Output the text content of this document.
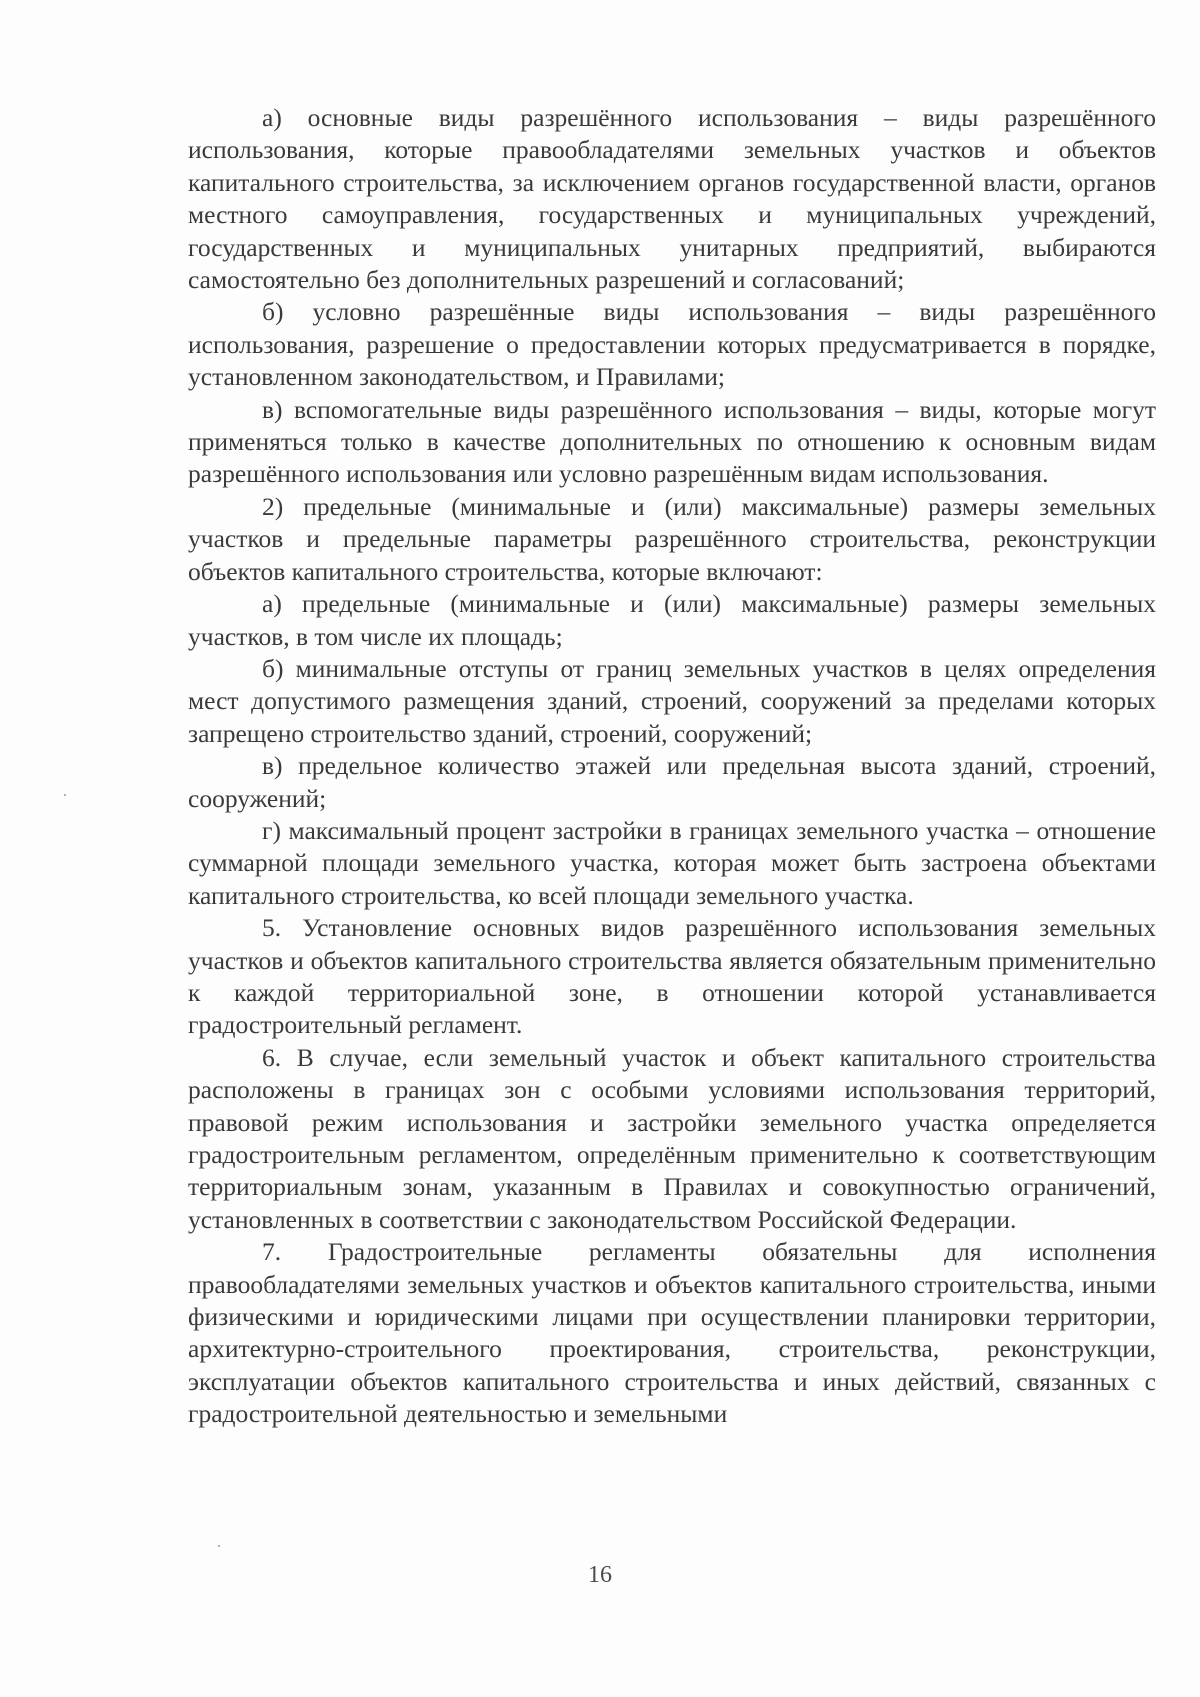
а) основные виды разрешённого использования – виды разрешённого использования, которые правообладателями земельных участков и объектов капитального строительства, за исключением органов государственной власти, органов местного самоуправления, государственных и муниципальных учреждений, государственных и муниципальных унитарных предприятий, выбираются самостоятельно без дополнительных разрешений и согласований;

б) условно разрешённые виды использования – виды разрешённого использования, разрешение о предоставлении которых предусматривается в порядке, установленном законодательством, и Правилами;

в) вспомогательные виды разрешённого использования – виды, которые могут применяться только в качестве дополнительных по отношению к основным видам разрешённого использования или условно разрешённым видам использования.

2) предельные (минимальные и (или) максимальные) размеры земельных участков и предельные параметры разрешённого строительства, реконструкции объектов капитального строительства, которые включают:

а) предельные (минимальные и (или) максимальные) размеры земельных участков, в том числе их площадь;

б) минимальные отступы от границ земельных участков в целях определения мест допустимого размещения зданий, строений, сооружений за пределами которых запрещено строительство зданий, строений, сооружений;

в) предельное количество этажей или предельная высота зданий, строений, сооружений;

г) максимальный процент застройки в границах земельного участка – отношение суммарной площади земельного участка, которая может быть застроена объектами капитального строительства, ко всей площади земельного участка.

5. Установление основных видов разрешённого использования земельных участков и объектов капитального строительства является обязательным применительно к каждой территориальной зоне, в отношении которой устанавливается градостроительный регламент.

6. В случае, если земельный участок и объект капитального строительства расположены в границах зон с особыми условиями использования территорий, правовой режим использования и застройки земельного участка определяется градостроительным регламентом, определённым применительно к соответствующим территориальным зонам, указанным в Правилах и совокупностью ограничений, установленных в соответствии с законодательством Российской Федерации.

7. Градостроительные регламенты обязательны для исполнения правообладателями земельных участков и объектов капитального строительства, иными физическими и юридическими лицами при осуществлении планировки территории, архитектурно-строительного проектирования, строительства, реконструкции, эксплуатации объектов капитального строительства и иных действий, связанных с градостроительной деятельностью и земельными

16
